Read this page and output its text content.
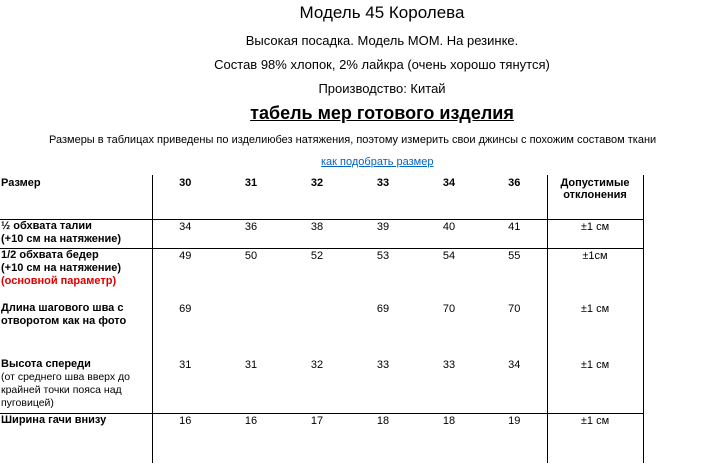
Модель 45 Королева
Высокая посадка. Модель МОМ. На резинке.
Состав 98% хлопок, 2% лайкра (очень хорошо тянутся)
Производство: Китай
табель мер готового изделия
Размеры в таблицах приведены по изделиюбез натяжения, поэтому измерить свои джинсы с похожим составом ткани
как подобрать размер
Размер	30	31	32	33	34	36	Допустимые
отклонения
½ обхвата талии
(+10 см на натяжение)	34	36	38	39	40	41	±1 см
1/2 обхвата бедер
(+10 см на натяжение)
(основной параметр)	49	50	52	53	54	55	±1см
Длина шагового шва с
отворотом как на фото	69			69	70	70	±1 см
Высота спереди
(от среднего шва вверх до
крайней точки пояса над
пуговицей)	31	31	32	33	33	34	±1 см
Ширина гачи внизу	16	16	17	18	18	19	±1 см
